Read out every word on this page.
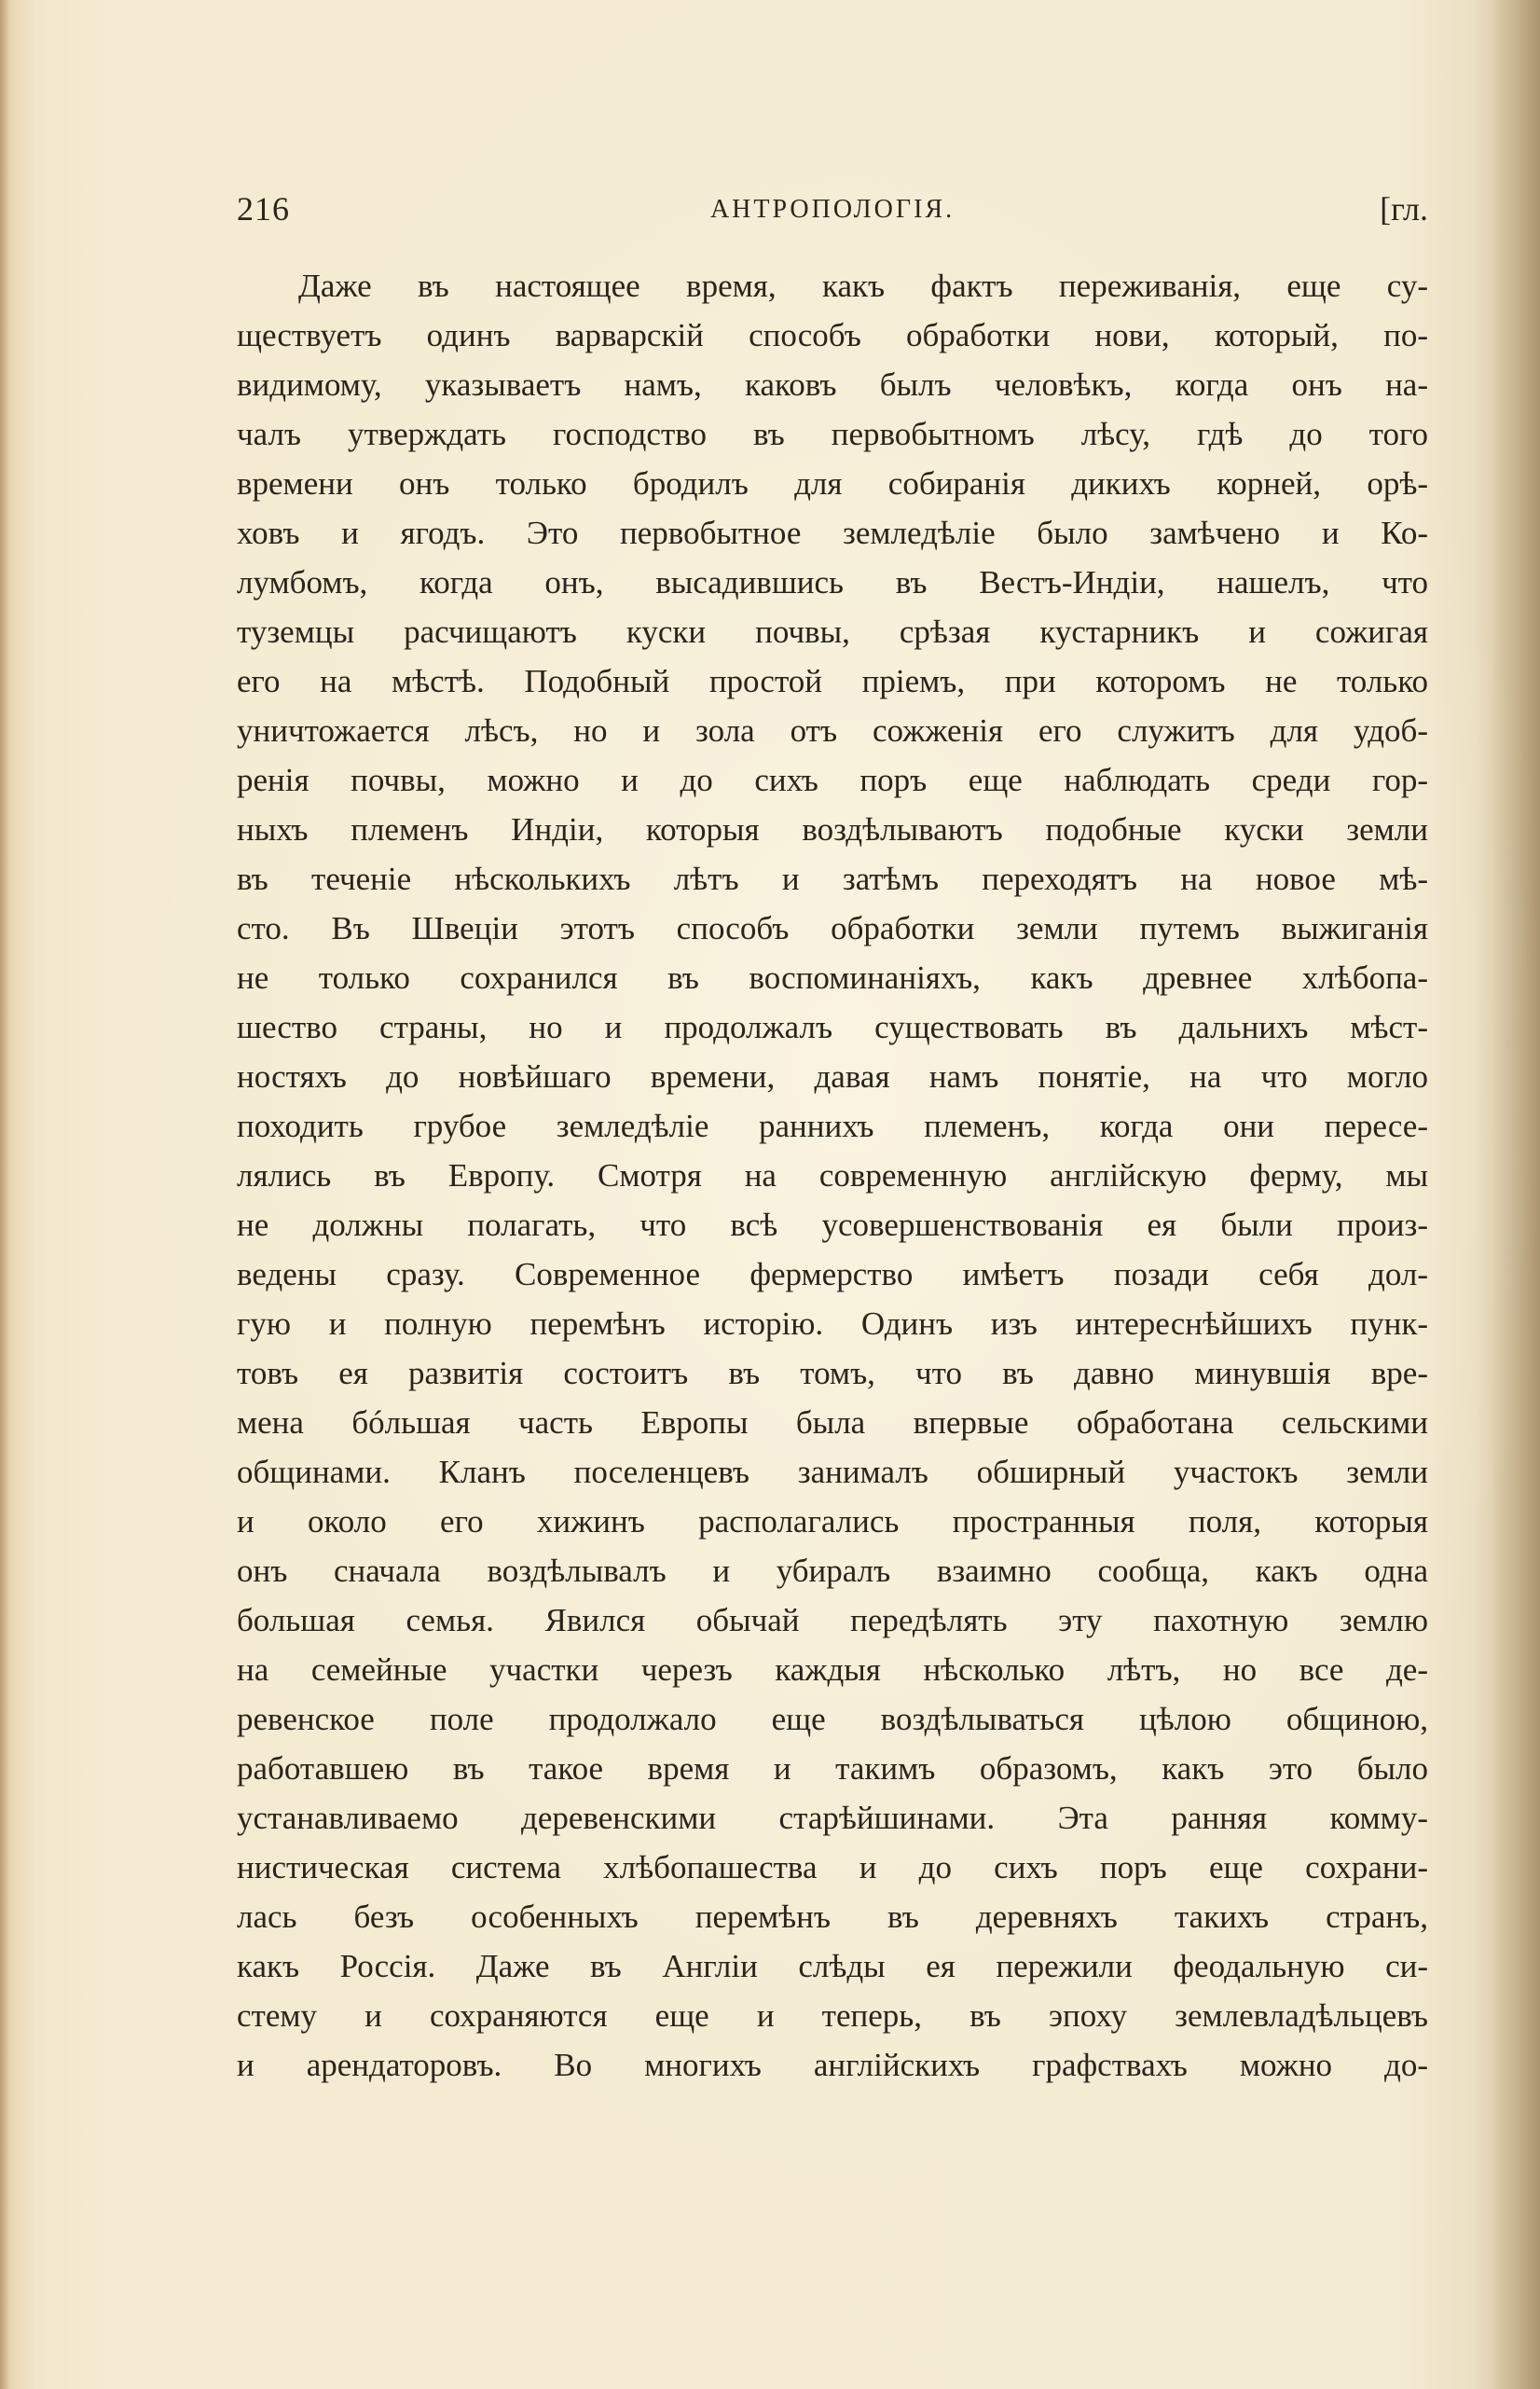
216	АНТРОПОЛОГІЯ.	[гл.
Даже въ настоящее время, какъ фактъ переживанія, еще су-
ществуетъ одинъ варварскій способъ обработки нови, который, по-
видимому, указываетъ намъ, каковъ былъ человѣкъ, когда онъ на-
чалъ утверждать господство въ первобытномъ лѣсу, гдѣ до того
времени онъ только бродилъ для собиранія дикихъ корней, орѣ-
ховъ и ягодъ. Это первобытное земледѣліе было замѣчено и Ко-
лумбомъ, когда онъ, высадившись въ Вестъ-Индіи, нашелъ, что
туземцы расчищаютъ куски почвы, срѣзая кустарникъ и сожигая
его на мѣстѣ. Подобный простой пріемъ, при которомъ не только
уничтожается лѣсъ, но и зола отъ сожженія его служитъ для удоб-
ренія почвы, можно и до сихъ поръ еще наблюдать среди гор-
ныхъ племенъ Индіи, которыя воздѣлываютъ подобные куски земли
въ теченіе нѣсколькихъ лѣтъ и затѣмъ переходятъ на новое мѣ-
сто. Въ Швеціи этотъ способъ обработки земли путемъ выжиганія
не только сохранился въ воспоминаніяхъ, какъ древнее хлѣбопа-
шество страны, но и продолжалъ существовать въ дальнихъ мѣст-
ностяхъ до новѣйшаго времени, давая намъ понятіе, на что могло
походить грубое земледѣліе раннихъ племенъ, когда они пересе-
лялись въ Европу. Смотря на современную англійскую ферму, мы
не должны полагать, что всѣ усовершенствованія ея были произ-
ведены сразу. Современное фермерство имѣетъ позади себя дол-
гую и полную перемѣнъ исторію. Одинъ изъ интереснѣйшихъ пунк-
товъ ея развитія состоитъ въ томъ, что въ давно минувшія вре-
мена бóльшая часть Европы была впервые обработана сельскими
общинами. Кланъ поселенцевъ занималъ обширный участокъ земли
и около его хижинъ располагались пространныя поля, которыя
онъ сначала воздѣлывалъ и убиралъ взаимно сообща, какъ одна
большая семья. Явился обычай передѣлять эту пахотную землю
на семейные участки черезъ каждыя нѣсколько лѣтъ, но все де-
ревенское поле продолжало еще воздѣлываться цѣлою общиною,
работавшею въ такое время и такимъ образомъ, какъ это было
устанавливаемо деревенскими старѣйшинами. Эта ранняя комму-
нистическая система хлѣбопашества и до сихъ поръ еще сохрани-
лась безъ особенныхъ перемѣнъ въ деревняхъ такихъ странъ,
какъ Россія. Даже въ Англіи слѣды ея пережили феодальную си-
стему и сохраняются еще и теперь, въ эпоху землевладѣльцевъ
и арендаторовъ. Во многихъ англійскихъ графствахъ можно до-
